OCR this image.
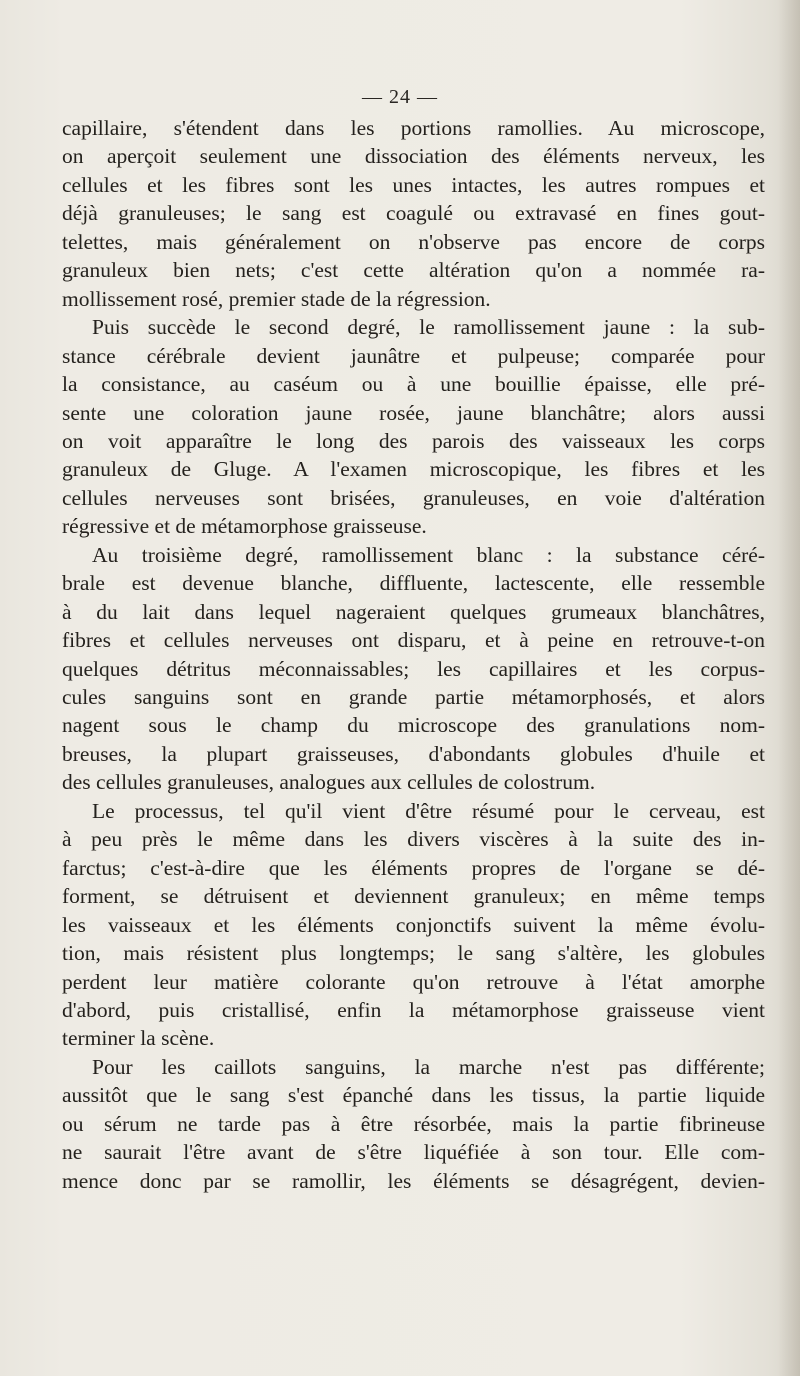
— 24 —
capillaire, s'étendent dans les portions ramollies. Au microscope,
on aperçoit seulement une dissociation des éléments nerveux, les
cellules et les fibres sont les unes intactes, les autres rompues et
déjà granuleuses; le sang est coagulé ou extravasé en fines gout-
telettes, mais généralement on n'observe pas encore de corps
granuleux bien nets; c'est cette altération qu'on a nommée ra-
mollissement rosé, premier stade de la régression.
Puis succède le second degré, le ramollissement jaune : la sub-
stance cérébrale devient jaunâtre et pulpeuse; comparée pour
la consistance, au caséum ou à une bouillie épaisse, elle pré-
sente une coloration jaune rosée, jaune blanchâtre; alors aussi
on voit apparaître le long des parois des vaisseaux les corps
granuleux de Gluge. A l'examen microscopique, les fibres et les
cellules nerveuses sont brisées, granuleuses, en voie d'altération
régressive et de métamorphose graisseuse.
Au troisième degré, ramollissement blanc : la substance céré-
brale est devenue blanche, diffluente, lactescente, elle ressemble
à du lait dans lequel nageraient quelques grumeaux blanchâtres,
fibres et cellules nerveuses ont disparu, et à peine en retrouve-t-on
quelques détritus méconnaissables; les capillaires et les corpus-
cules sanguins sont en grande partie métamorphosés, et alors
nagent sous le champ du microscope des granulations nom-
breuses, la plupart graisseuses, d'abondants globules d'huile et
des cellules granuleuses, analogues aux cellules de colostrum.
Le processus, tel qu'il vient d'être résumé pour le cerveau, est
à peu près le même dans les divers viscères à la suite des in-
farctus; c'est-à-dire que les éléments propres de l'organe se dé-
forment, se détruisent et deviennent granuleux; en même temps
les vaisseaux et les éléments conjonctifs suivent la même évolu-
tion, mais résistent plus longtemps; le sang s'altère, les globules
perdent leur matière colorante qu'on retrouve à l'état amorphe
d'abord, puis cristallisé, enfin la métamorphose graisseuse vient
terminer la scène.
Pour les caillots sanguins, la marche n'est pas différente;
aussitôt que le sang s'est épanché dans les tissus, la partie liquide
ou sérum ne tarde pas à être résorbée, mais la partie fibrineuse
ne saurait l'être avant de s'être liquéfiée à son tour. Elle com-
mence donc par se ramollir, les éléments se désagrégent, devien-
